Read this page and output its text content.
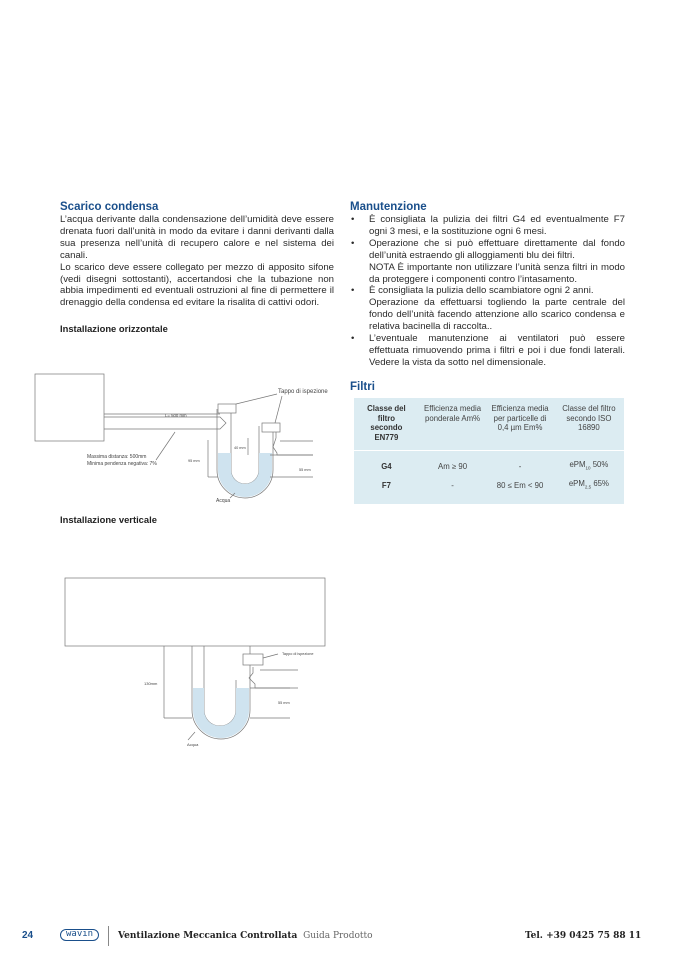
Scarico condensa

L’acqua derivante dalla condensazione dell’umidità deve essere drenata fuori dall’unità in modo da evitare i danni derivanti dalla sua presenza nell’unità di recupero calore e nel sistema dei canali.

Lo scarico deve essere collegato per mezzo di apposito sifone (vedi disegni sottostanti), accertandosi che la tubazione non abbia impedimenti ed eventuali ostruzioni al fine di permettere il drenaggio della condensa ed evitare la risalita di cattivi odori.

Installazione orizzontale
Tappo di ispezione
L= 500 mm
Massima distanza: 500mm
Minima pendenza negativa: 7%	95 mm
40 mm
55 mm
Acqua
Installazione verticale
Tappo di ispezione
130mm
55 mm
Acqua
Manutenzione
• È consigliata la pulizia dei filtri G4 ed eventualmente F7 ogni 3 mesi, e la sostituzione ogni 6 mesi.
• Operazione che si può effettuare direttamente dal fondo dell’unità estraendo gli alloggiamenti blu dei filtri.
NOTA È importante non utilizzare l’unità senza filtri in modo da proteggere i componenti contro l’intasamento.
• È consigliata la pulizia dello scambiatore ogni 2 anni.
Operazione da effettuarsi togliendo la parte centrale del fondo dell’unità facendo attenzione allo scarico condensa e relativa bacinella di raccolta..
• L’eventuale manutenzione ai ventilatori può essere effettuata rimuovendo prima i filtri e poi i due fondi laterali. Vedere la vista da sotto nel dimensionale.
Filtri
Classe del filtro secondo EN779	Efficienza media ponderale Am%	Efficienza media per particelle di 0,4 µm Em%	Classe del filtro secondo ISO 16890

G4	Am ≥ 90	-	ePM$_{10}$ 50%
F7	-	80 ≤ Em < 90	ePM$_{2,5}$ 65%
24	wavin	Ventilazione Meccanica Controllata Guida Prodotto	Tel. +39 0425 75 88 11
